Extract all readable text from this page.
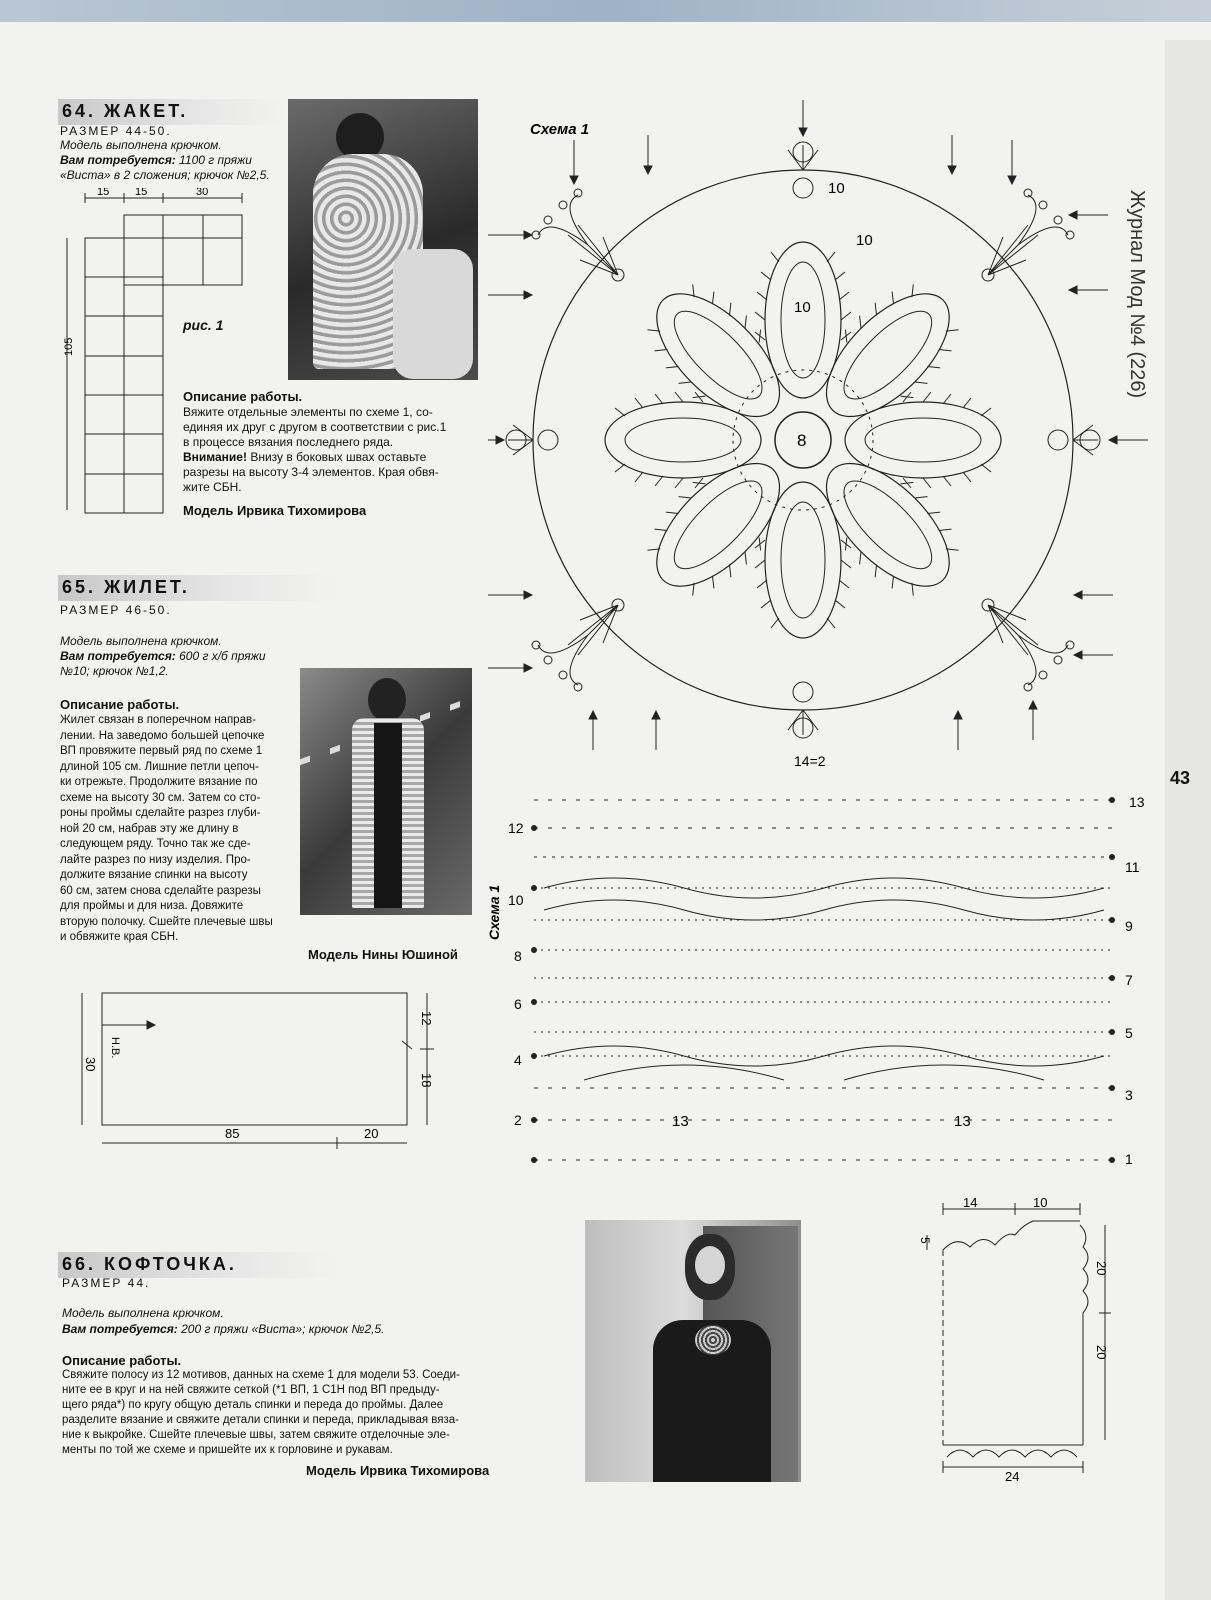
Журнал Мод №4 (226)
43
64. ЖАКЕТ.
РАЗМЕР 44-50.
Модель выполнена крючком.
Вам потребуется: 1100 г пряжи «Виста» в 2 сложения; крючок №2,5.
15 15	30
105
рис. 1
Описание работы.
Вяжите отдельные элементы по схеме 1, со-
единяя их друг с другом в соответствии с рис.1
в процессе вязания последнего ряда.
Внимание! Внизу в боковых швах оставьте
разрезы на высоту 3-4 элементов. Края обвя-
жите СБН.
Модель Ирвика Тихомирова
65. ЖИЛЕТ.
РАЗМЕР 46-50.
Модель выполнена крючком.
Вам потребуется: 600 г х/б пряжи
№10; крючок №1,2.
Описание работы.
Жилет связан в поперечном направ-
лении. На заведомо большей цепочке
ВП провяжите первый ряд по схеме 1
длиной 105 см. Лишние петли цепоч-
ки отрежьте. Продолжите вязание по
схеме на высоту 30 см. Затем со сто-
роны проймы сделайте разрез глуби-
ной 20 см, набрав эту же длину в
следующем ряду. Точно так же сде-
лайте разрез по низу изделия. Про-
должите вязание спинки на высоту
60 см, затем снова сделайте разрезы
для проймы и для низа. Довяжите
вторую полочку. Сшейте плечевые швы
и обвяжите края СБН.
Модель Нины Юшиной
30
Н.В.
12
18
85	20
66. КОФТОЧКА.
РАЗМЕР 44.
Модель выполнена крючком.
Вам потребуется: 200 г пряжи «Виста»; крючок №2,5.
Описание работы.
Свяжите полосу из 12 мотивов, данных на схеме 1 для модели 53. Соеди-
ните ее в круг и на ней свяжите сеткой (*1 ВП, 1 С1Н под ВП предыду-
щего ряда*) по кругу общую деталь спинки и переда до проймы. Далее
разделите вязание и свяжите детали спинки и переда, прикладывая вяза-
ние к выкройке. Сшейте плечевые швы, затем свяжите отделочные эле-
менты по той же схеме и пришейте их к горловине и рукавам.
Модель Ирвика Тихомирова
14	10
5
20
20
24
Схема 1
8
10
10
10
14=2
Схема 1
12
10
8
6
4
2
13
11
9
7
5
3
1
13	13
